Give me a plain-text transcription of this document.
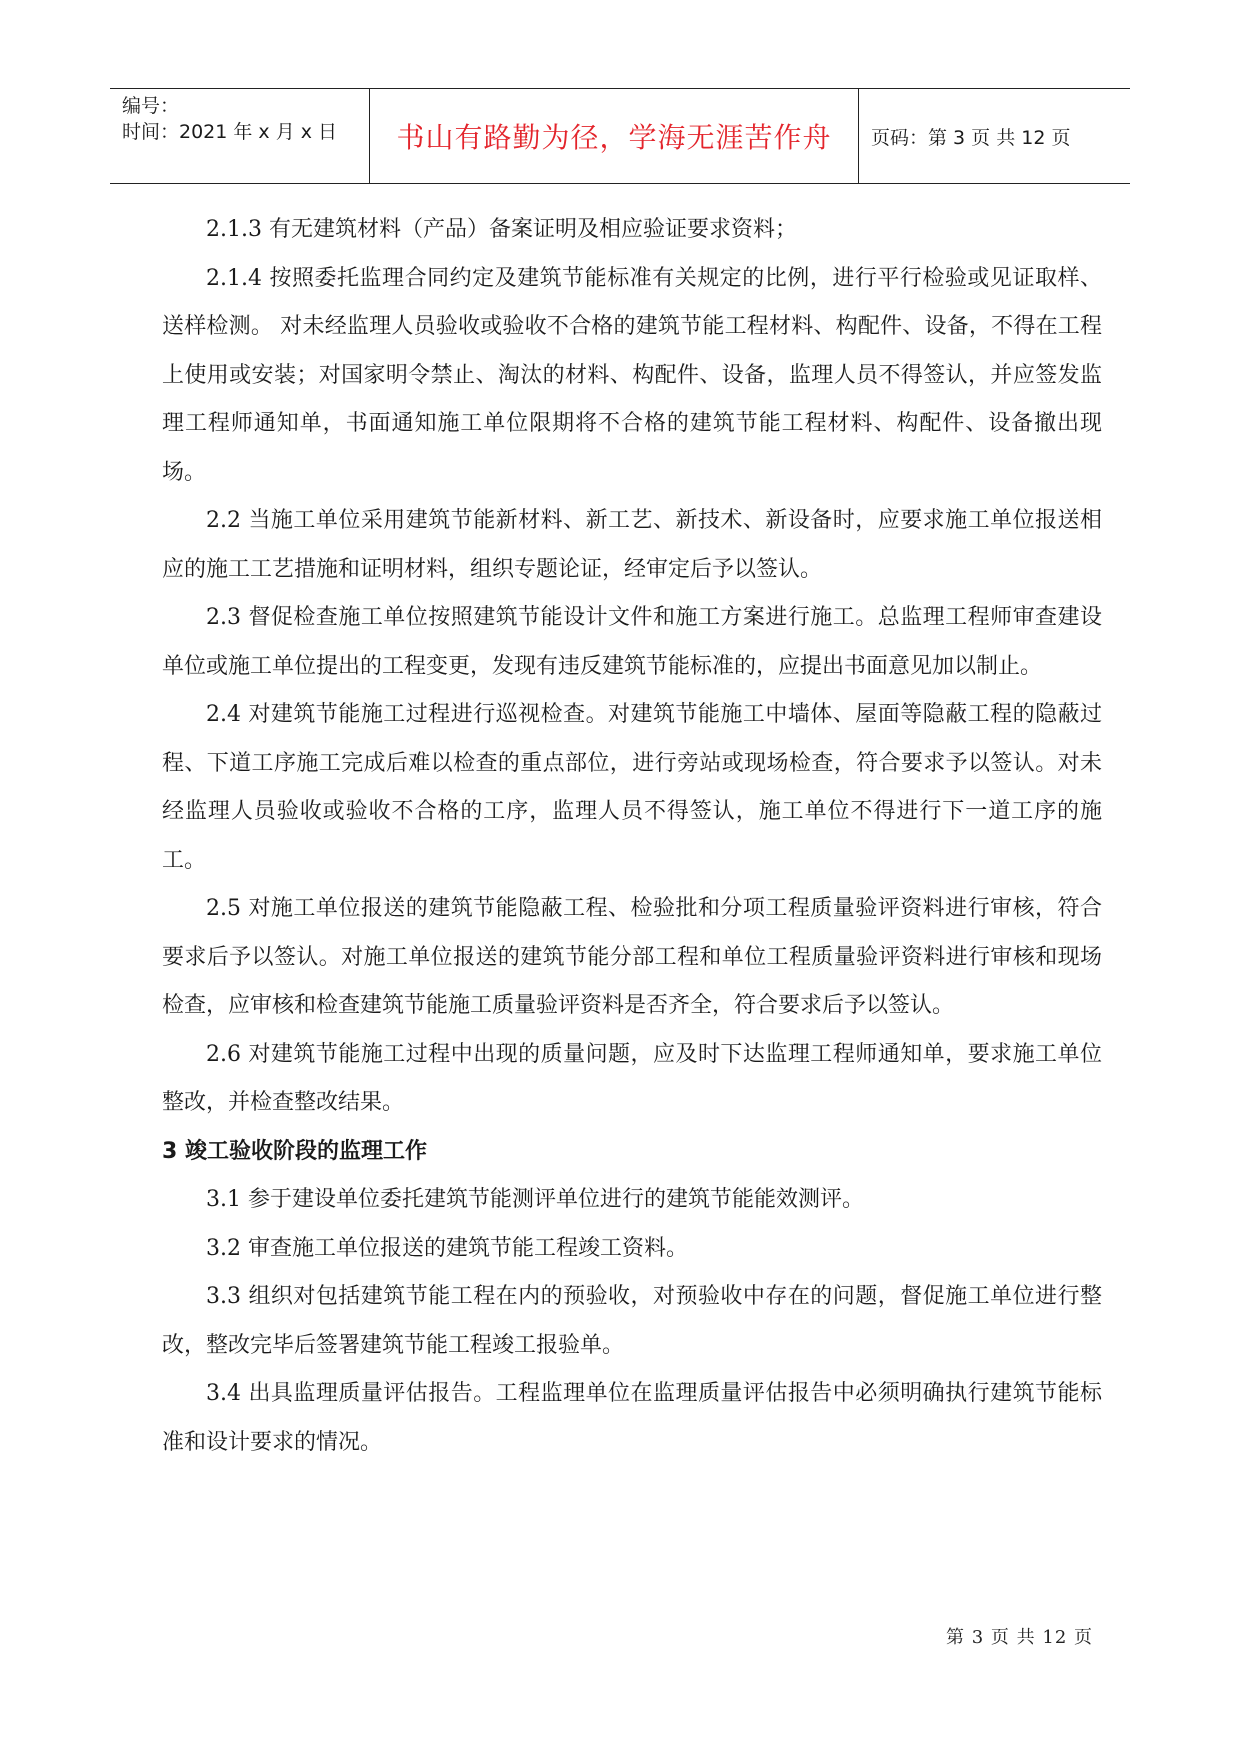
编号：
时间：2021 年 x 月 x 日	书山有路勤为径，学海无涯苦作舟	页码：第 3 页 共 12 页

2.1.3 有无建筑材料（产品）备案证明及相应验证要求资料；

2.1.4 按照委托监理合同约定及建筑节能标准有关规定的比例，进行平行检验或见证取样、送样检测。 对未经监理人员验收或验收不合格的建筑节能工程材料、构配件、设备，不得在工程上使用或安装；对国家明令禁止、淘汰的材料、构配件、设备，监理人员不得签认，并应签发监理工程师通知单，书面通知施工单位限期将不合格的建筑节能工程材料、构配件、设备撤出现场。

2.2 当施工单位采用建筑节能新材料、新工艺、新技术、新设备时，应要求施工单位报送相应的施工工艺措施和证明材料，组织专题论证，经审定后予以签认。

2.3 督促检查施工单位按照建筑节能设计文件和施工方案进行施工。总监理工程师审查建设单位或施工单位提出的工程变更，发现有违反建筑节能标准的，应提出书面意见加以制止。

2.4 对建筑节能施工过程进行巡视检查。对建筑节能施工中墙体、屋面等隐蔽工程的隐蔽过程、下道工序施工完成后难以检查的重点部位，进行旁站或现场检查，符合要求予以签认。对未经监理人员验收或验收不合格的工序，监理人员不得签认，施工单位不得进行下一道工序的施工。

2.5 对施工单位报送的建筑节能隐蔽工程、检验批和分项工程质量验评资料进行审核，符合要求后予以签认。对施工单位报送的建筑节能分部工程和单位工程质量验评资料进行审核和现场检查，应审核和检查建筑节能施工质量验评资料是否齐全，符合要求后予以签认。

2.6 对建筑节能施工过程中出现的质量问题，应及时下达监理工程师通知单，要求施工单位整改，并检查整改结果。

3 竣工验收阶段的监理工作

3.1 参于建设单位委托建筑节能测评单位进行的建筑节能能效测评。

3.2 审查施工单位报送的建筑节能工程竣工资料。

3.3 组织对包括建筑节能工程在内的预验收，对预验收中存在的问题，督促施工单位进行整改，整改完毕后签署建筑节能工程竣工报验单。

3.4 出具监理质量评估报告。工程监理单位在监理质量评估报告中必须明确执行建筑节能标准和设计要求的情况。

第 3 页 共 12 页
